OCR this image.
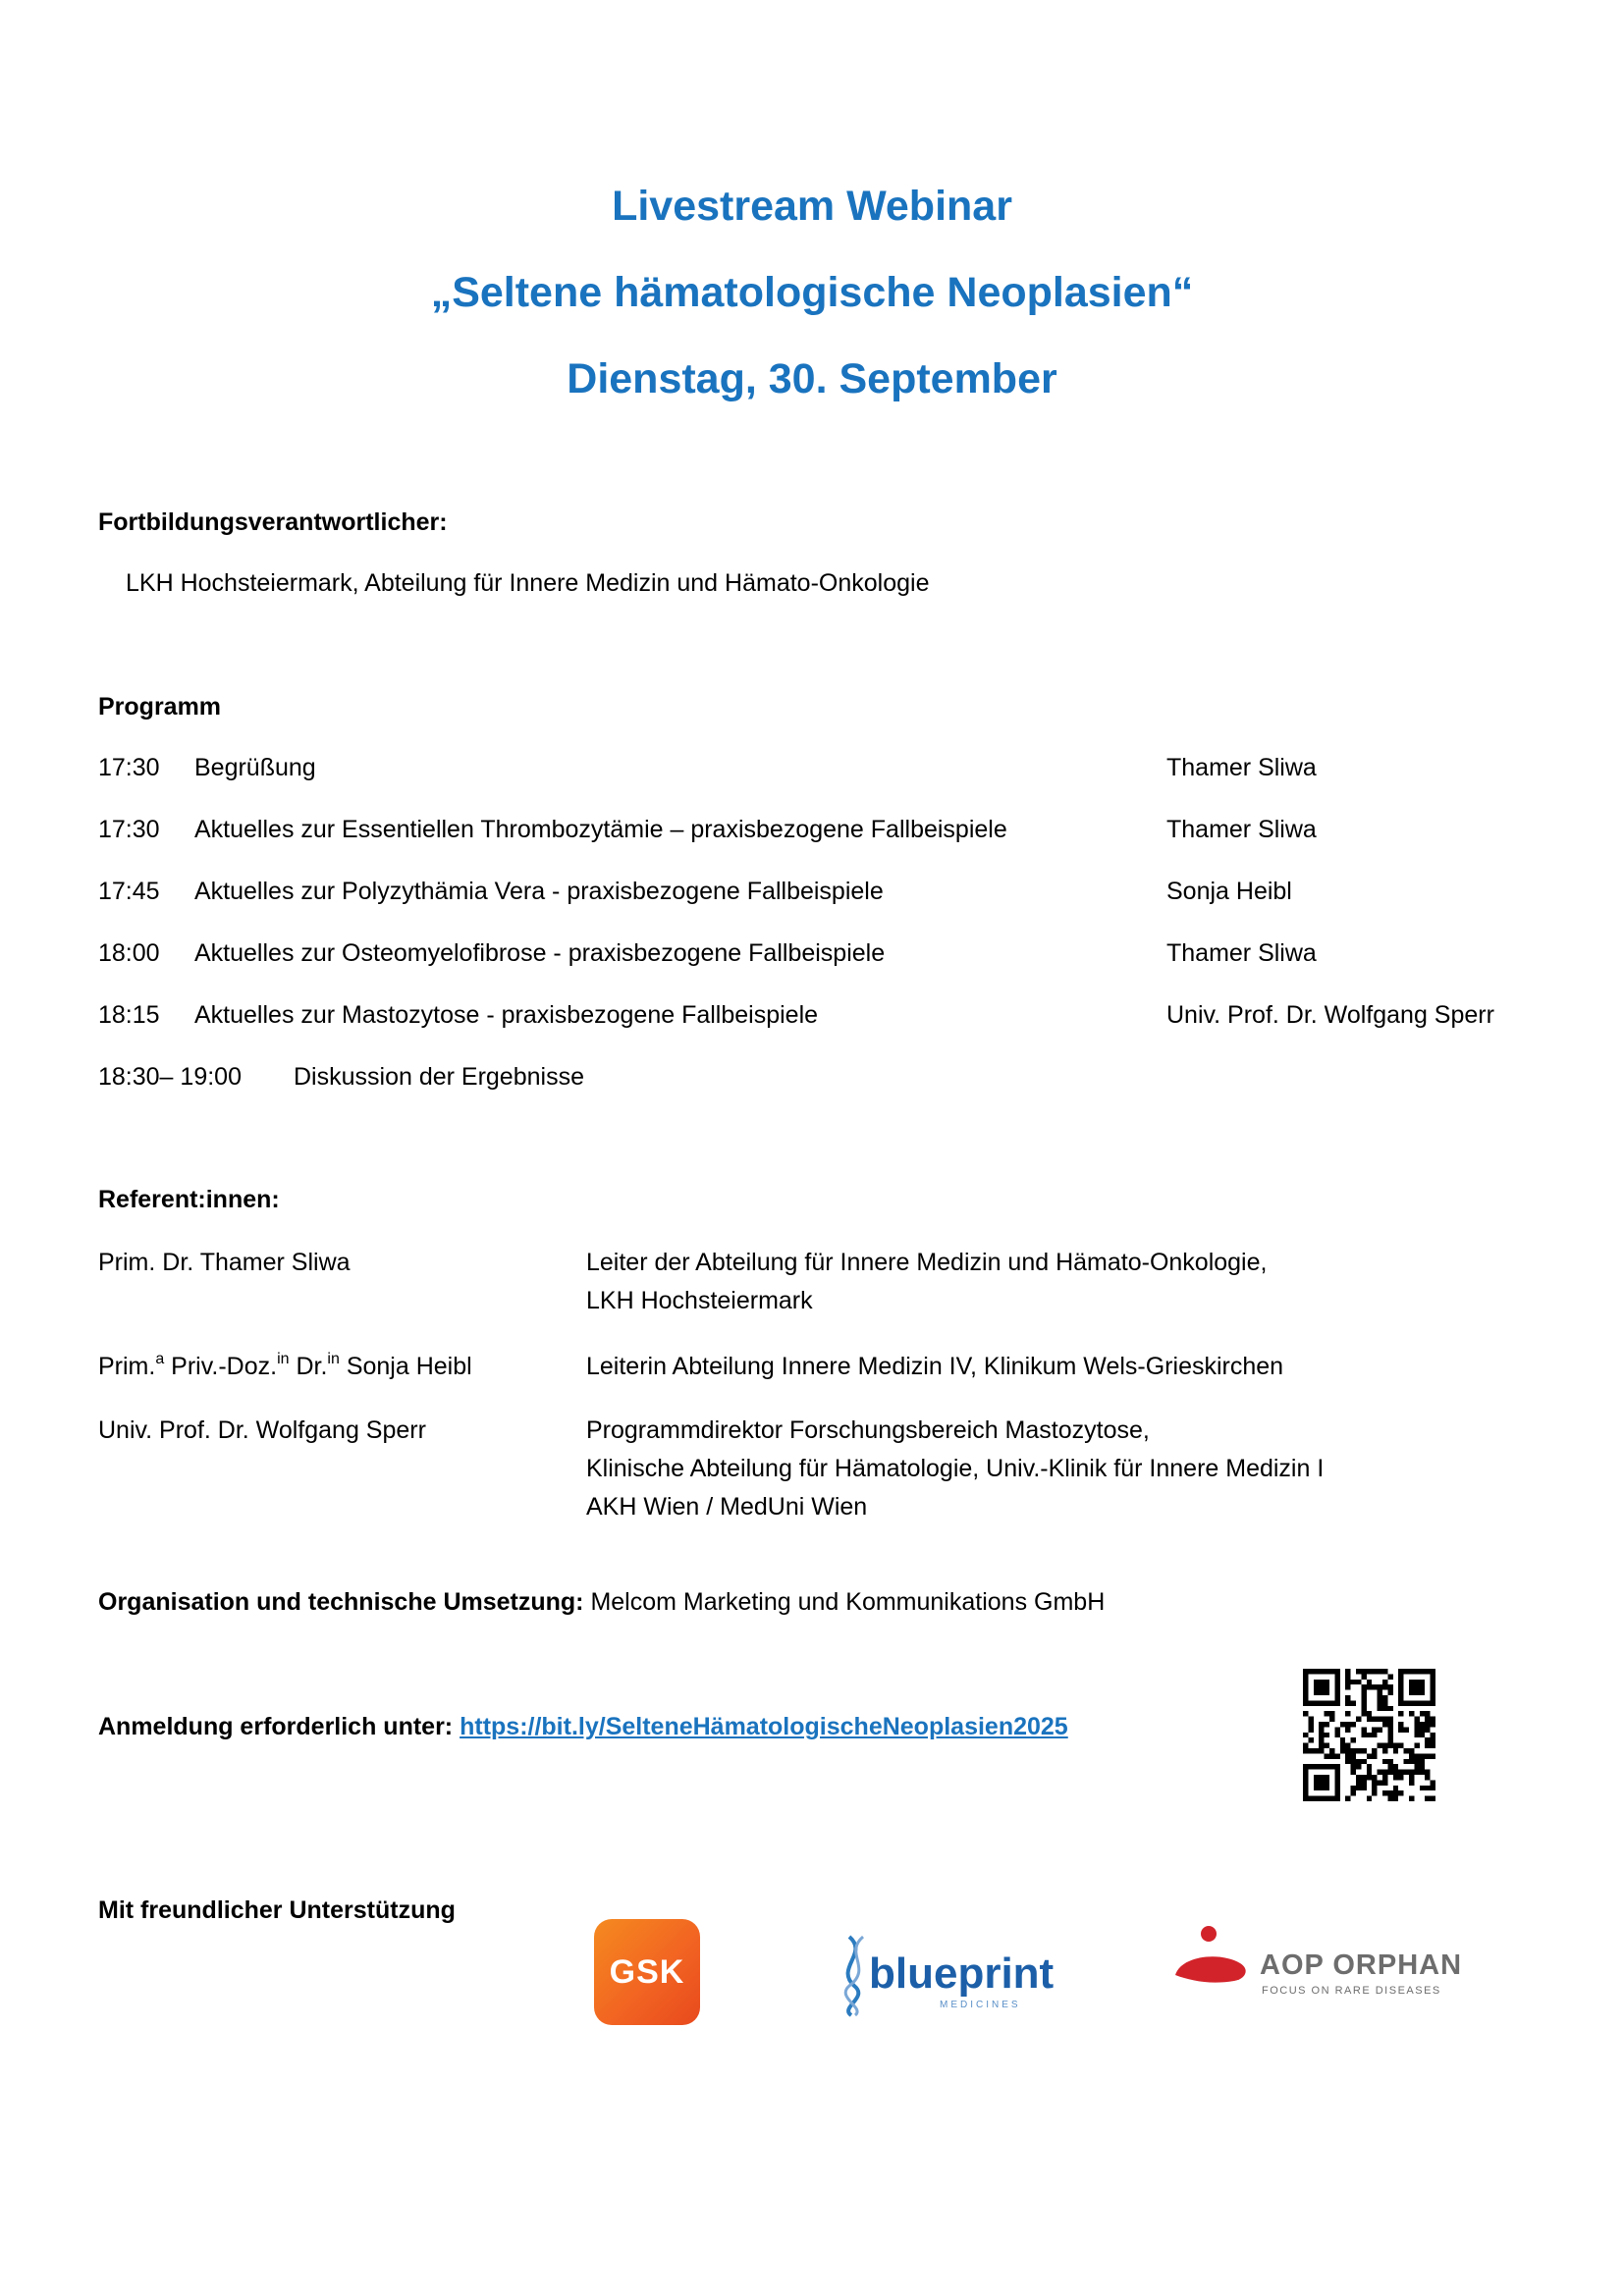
Livestream Webinar
„Seltene hämatologische Neoplasien“
Dienstag, 30. September
Fortbildungsverantwortlicher:
LKH Hochsteiermark, Abteilung für Innere Medizin und Hämato-Onkologie
Programm
17:30 Begrüßung	Thamer Sliwa
17:30 Aktuelles zur Essentiellen Thrombozytämie – praxisbezogene Fallbeispiele	Thamer Sliwa
17:45 Aktuelles zur Polyzythämia Vera - praxisbezogene Fallbeispiele	Sonja Heibl
18:00 Aktuelles zur Osteomyelofibrose - praxisbezogene Fallbeispiele	Thamer Sliwa
18:15 Aktuelles zur Mastozytose - praxisbezogene Fallbeispiele	Univ. Prof. Dr. Wolfgang Sperr
18:30– 19:00 Diskussion der Ergebnisse
Referent:innen:
Prim. Dr. Thamer Sliwa	Leiter der Abteilung für Innere Medizin und Hämato-Onkologie,
LKH Hochsteiermark
Prim.$^a$ Priv.-Doz.$^{in}$ Dr.$^{in}$ Sonja Heibl	Leiterin Abteilung Innere Medizin IV, Klinikum Wels-Grieskirchen
Univ. Prof. Dr. Wolfgang Sperr	Programmdirektor Forschungsbereich Mastozytose,
Klinische Abteilung für Hämatologie, Univ.-Klinik für Innere Medizin I
AKH Wien / MedUni Wien
Organisation und technische Umsetzung: Melcom Marketing und Kommunikations GmbH
Anmeldung erforderlich unter: https://bit.ly/SelteneHämatologischeNeoplasien2025
Mit freundlicher Unterstützung
GSK	blueprint
MEDICINES
AOP ORPHAN
FOCUS ON RARE DISEASES
